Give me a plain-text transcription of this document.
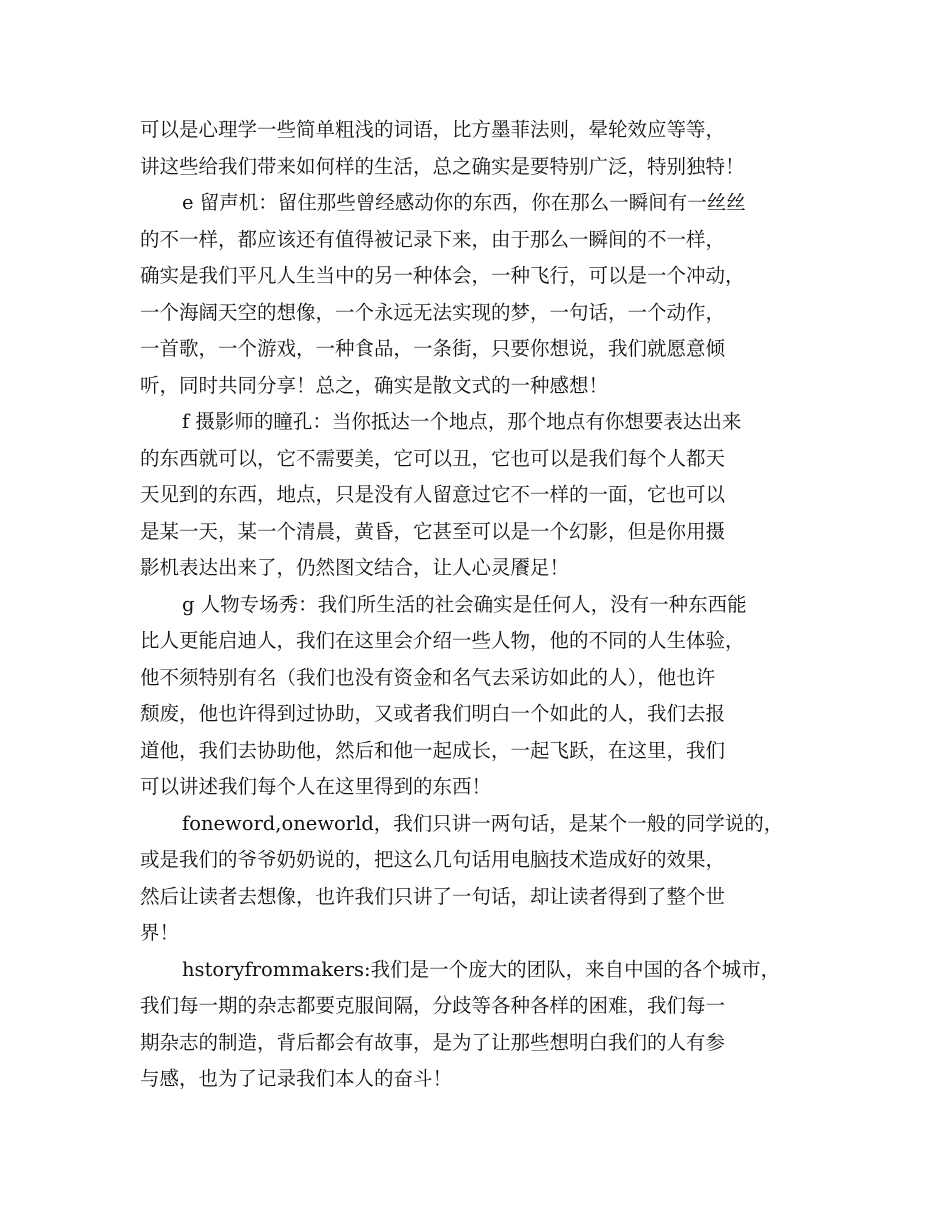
可以是心理学一些简单粗浅的词语，比方墨菲法则，晕轮效应等等，
讲这些给我们带来如何样的生活，总之确实是要特别广泛，特别独特！
e 留声机：留住那些曾经感动你的东西，你在那么一瞬间有一丝丝
的不一样，都应该还有值得被记录下来，由于那么一瞬间的不一样，
确实是我们平凡人生当中的另一种体会，一种飞行，可以是一个冲动，
一个海阔天空的想像，一个永远无法实现的梦，一句话，一个动作，
一首歌，一个游戏，一种食品，一条街，只要你想说，我们就愿意倾
听，同时共同分享！总之，确实是散文式的一种感想！
f 摄影师的瞳孔：当你抵达一个地点，那个地点有你想要表达出来
的东西就可以，它不需要美，它可以丑，它也可以是我们每个人都天
天见到的东西，地点，只是没有人留意过它不一样的一面，它也可以
是某一天，某一个清晨，黄昏，它甚至可以是一个幻影，但是你用摄
影机表达出来了，仍然图文结合，让人心灵餍足！
g 人物专场秀：我们所生活的社会确实是任何人，没有一种东西能
比人更能启迪人，我们在这里会介绍一些人物，他的不同的人生体验，
他不须特别有名（我们也没有资金和名气去采访如此的人），他也许
颓废，他也许得到过协助，又或者我们明白一个如此的人，我们去报
道他，我们去协助他，然后和他一起成长，一起飞跃，在这里，我们
可以讲述我们每个人在这里得到的东西！
foneword,oneworld，我们只讲一两句话，是某个一般的同学说的，
或是我们的爷爷奶奶说的，把这么几句话用电脑技术造成好的效果，
然后让读者去想像，也许我们只讲了一句话，却让读者得到了整个世
界！
hstoryfrommakers:我们是一个庞大的团队，来自中国的各个城市，
我们每一期的杂志都要克服间隔，分歧等各种各样的困难，我们每一
期杂志的制造，背后都会有故事，是为了让那些想明白我们的人有参
与感，也为了记录我们本人的奋斗！
